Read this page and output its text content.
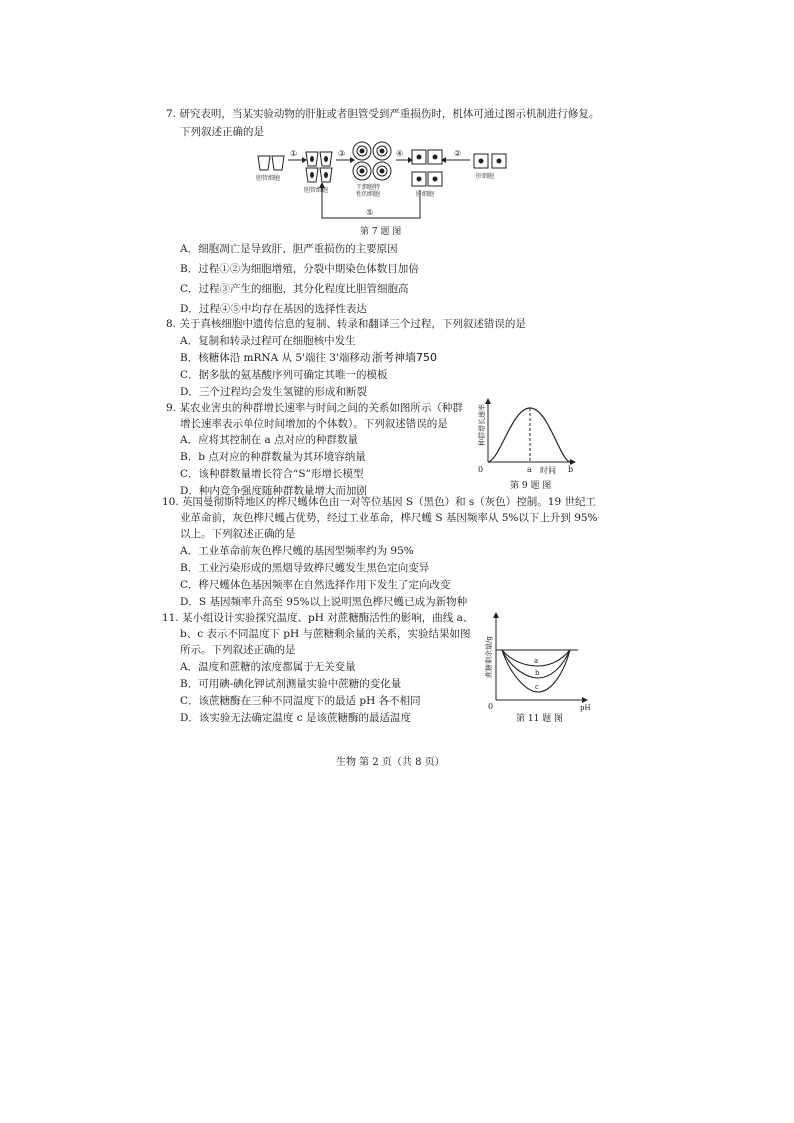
7. 研究表明，当某实验动物的肝脏或者胆管受到严重损伤时，机体可通过图示机制进行修复。
下列叙述正确的是
①	③	④	②
⑤
胆管细胞
胆管细胞	干细胞特
性的细胞	肝细胞
肝细胞
第 7 题 图
A．细胞凋亡是导致肝、胆严重损伤的主要原因
B．过程①②为细胞增殖，分裂中期染色体数目加倍
C．过程③产生的细胞，其分化程度比胆管细胞高
D．过程④⑤中均存在基因的选择性表达
8. 关于真核细胞中遗传信息的复制、转录和翻译三个过程，下列叙述错误的是
A．复制和转录过程可在细胞核中发生
B．核糖体沿 mRNA 从 5'端往 3'端移动 浙考神墙750
C．据多肽的氨基酸序列可确定其唯一的模板
D．三个过程均会发生氢键的形成和断裂
9. 某农业害虫的种群增长速率与时间之间的关系如图所示（种群
增长速率表示单位时间增加的个体数）。下列叙述错误的是
A．应将其控制在 a 点对应的种群数量
B．b 点对应的种群数量为其环境容纳量
C．该种群数量增长符合“S”形增长模型
D．种内竞争强度随种群数量增大而加剧
0	a 时间 b
种群增长速率
第 9 题 图
10. 英国曼彻斯特地区的桦尺蠖体色由一对等位基因 S（黑色）和 s（灰色）控制。19 世纪工
业革命前，灰色桦尺蠖占优势，经过工业革命，桦尺蠖 S 基因频率从 5%以下上升到 95%
以上。下列叙述正确的是
A．工业革命前灰色桦尺蠖的基因型频率约为 95%
B．工业污染形成的黑烟导致桦尺蠖发生黑色定向变异
C．桦尺蠖体色基因频率在自然选择作用下发生了定向改变
D．S 基因频率升高至 95%以上说明黑色桦尺蠖已成为新物种
11. 某小组设计实验探究温度、pH 对蔗糖酶活性的影响，曲线 a、
b、c 表示不同温度下 pH 与蔗糖剩余量的关系，实验结果如图
所示。下列叙述正确的是
A．温度和蔗糖的浓度都属于无关变量
B．可用碘-碘化钾试剂测量实验中蔗糖的变化量
C．该蔗糖酶在三种不同温度下的最适 pH 各不相同
D．该实验无法确定温度 c 是该蔗糖酶的最适温度
a
b
c
0	pH
蔗糖剩余量/g
第 11 题 图
生物 第 2 页（共 8 页）
